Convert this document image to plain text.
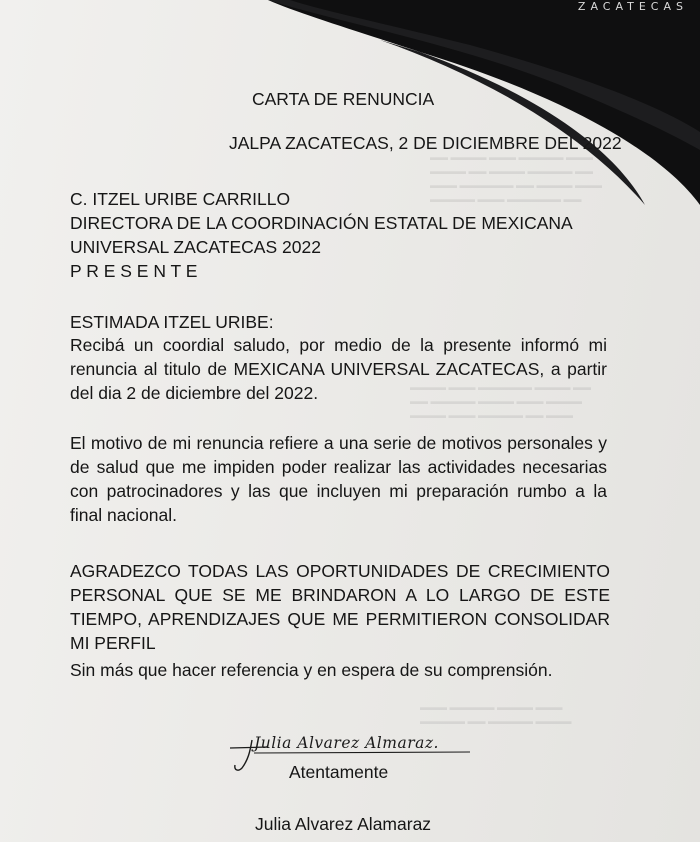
ZACATECAS
▬▬ ▬▬▬▬ ▬▬▬ ▬▬▬▬▬ ▬▬▬
▬▬▬▬ ▬▬ ▬▬▬▬ ▬▬▬▬▬ ▬▬
▬▬▬ ▬▬▬▬▬▬ ▬▬ ▬▬▬▬ ▬▬▬
▬▬▬▬▬ ▬▬▬ ▬▬▬▬▬▬ ▬▬
▬▬▬▬ ▬▬▬ ▬▬▬▬▬▬ ▬▬▬▬ ▬▬
▬▬ ▬▬▬▬▬ ▬▬▬▬ ▬▬▬ ▬▬▬▬
▬▬▬▬ ▬▬▬ ▬▬▬▬▬ ▬▬ ▬▬▬
▬▬▬ ▬▬▬▬▬ ▬▬▬▬ ▬▬▬
▬▬▬▬▬ ▬▬ ▬▬▬▬▬ ▬▬▬▬
CARTA DE RENUNCIA
JALPA ZACATECAS, 2 DE DICIEMBRE DEL 2022
C. ITZEL URIBE CARRILLO
DIRECTORA DE LA COORDINACIÓN ESTATAL DE MEXICANA
UNIVERSAL ZACATECAS 2022
P R E S E N T E
ESTIMADA ITZEL URIBE:
Recibá un coordial saludo, por medio de la presente informó mi renuncia al titulo de MEXICANA UNIVERSAL ZACATECAS, a partir del dia 2 de diciembre del 2022.
El motivo de mi renuncia refiere a una serie de motivos personales y de salud que me impiden poder realizar las actividades necesarias con patrocinadores y las que incluyen mi preparación rumbo a la final nacional.
AGRADEZCO TODAS LAS OPORTUNIDADES DE CRECIMIENTO PERSONAL QUE SE ME BRINDARON A LO LARGO DE ESTE TIEMPO, APRENDIZAJES QUE ME PERMITIERON CONSOLIDAR MI PERFIL
Sin más que hacer referencia y en espera de su comprensión.
Julia Alvarez Almaraz.
Atentamente
Julia Alvarez Alamaraz
